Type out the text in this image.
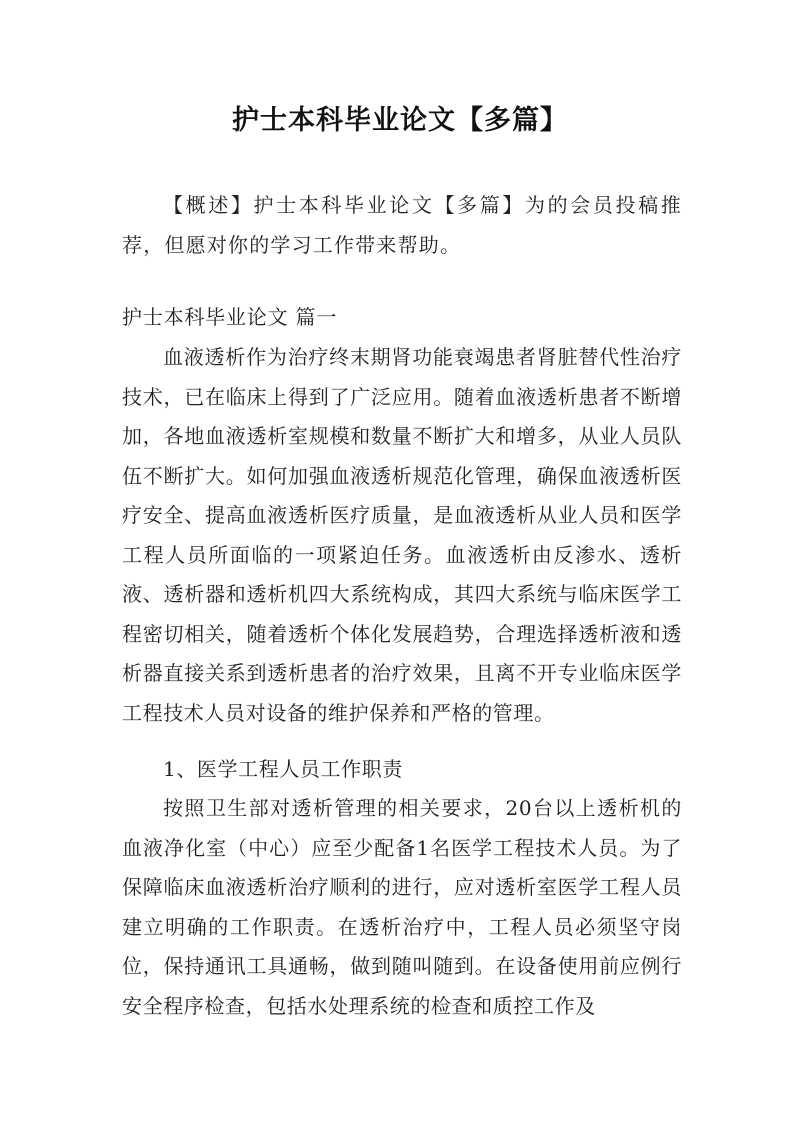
护士本科毕业论文【多篇】

【概述】护士本科毕业论文【多篇】为的会员投稿推荐，但愿对你的学习工作带来帮助。

护士本科毕业论文 篇一

血液透析作为治疗终末期肾功能衰竭患者肾脏替代性治疗技术，已在临床上得到了广泛应用。随着血液透析患者不断增加，各地血液透析室规模和数量不断扩大和增多，从业人员队伍不断扩大。如何加强血液透析规范化管理，确保血液透析医疗安全、提高血液透析医疗质量，是血液透析从业人员和医学工程人员所面临的一项紧迫任务。血液透析由反渗水、透析液、透析器和透析机四大系统构成，其四大系统与临床医学工程密切相关，随着透析个体化发展趋势，合理选择透析液和透析器直接关系到透析患者的治疗效果，且离不开专业临床医学工程技术人员对设备的维护保养和严格的管理。

1、医学工程人员工作职责

按照卫生部对透析管理的相关要求，20台以上透析机的血液净化室（中心）应至少配备1名医学工程技术人员。为了保障临床血液透析治疗顺利的进行，应对透析室医学工程人员建立明确的工作职责。在透析治疗中，工程人员必须坚守岗位，保持通讯工具通畅，做到随叫随到。在设备使用前应例行安全程序检查，包括水处理系统的检查和质控工作及
